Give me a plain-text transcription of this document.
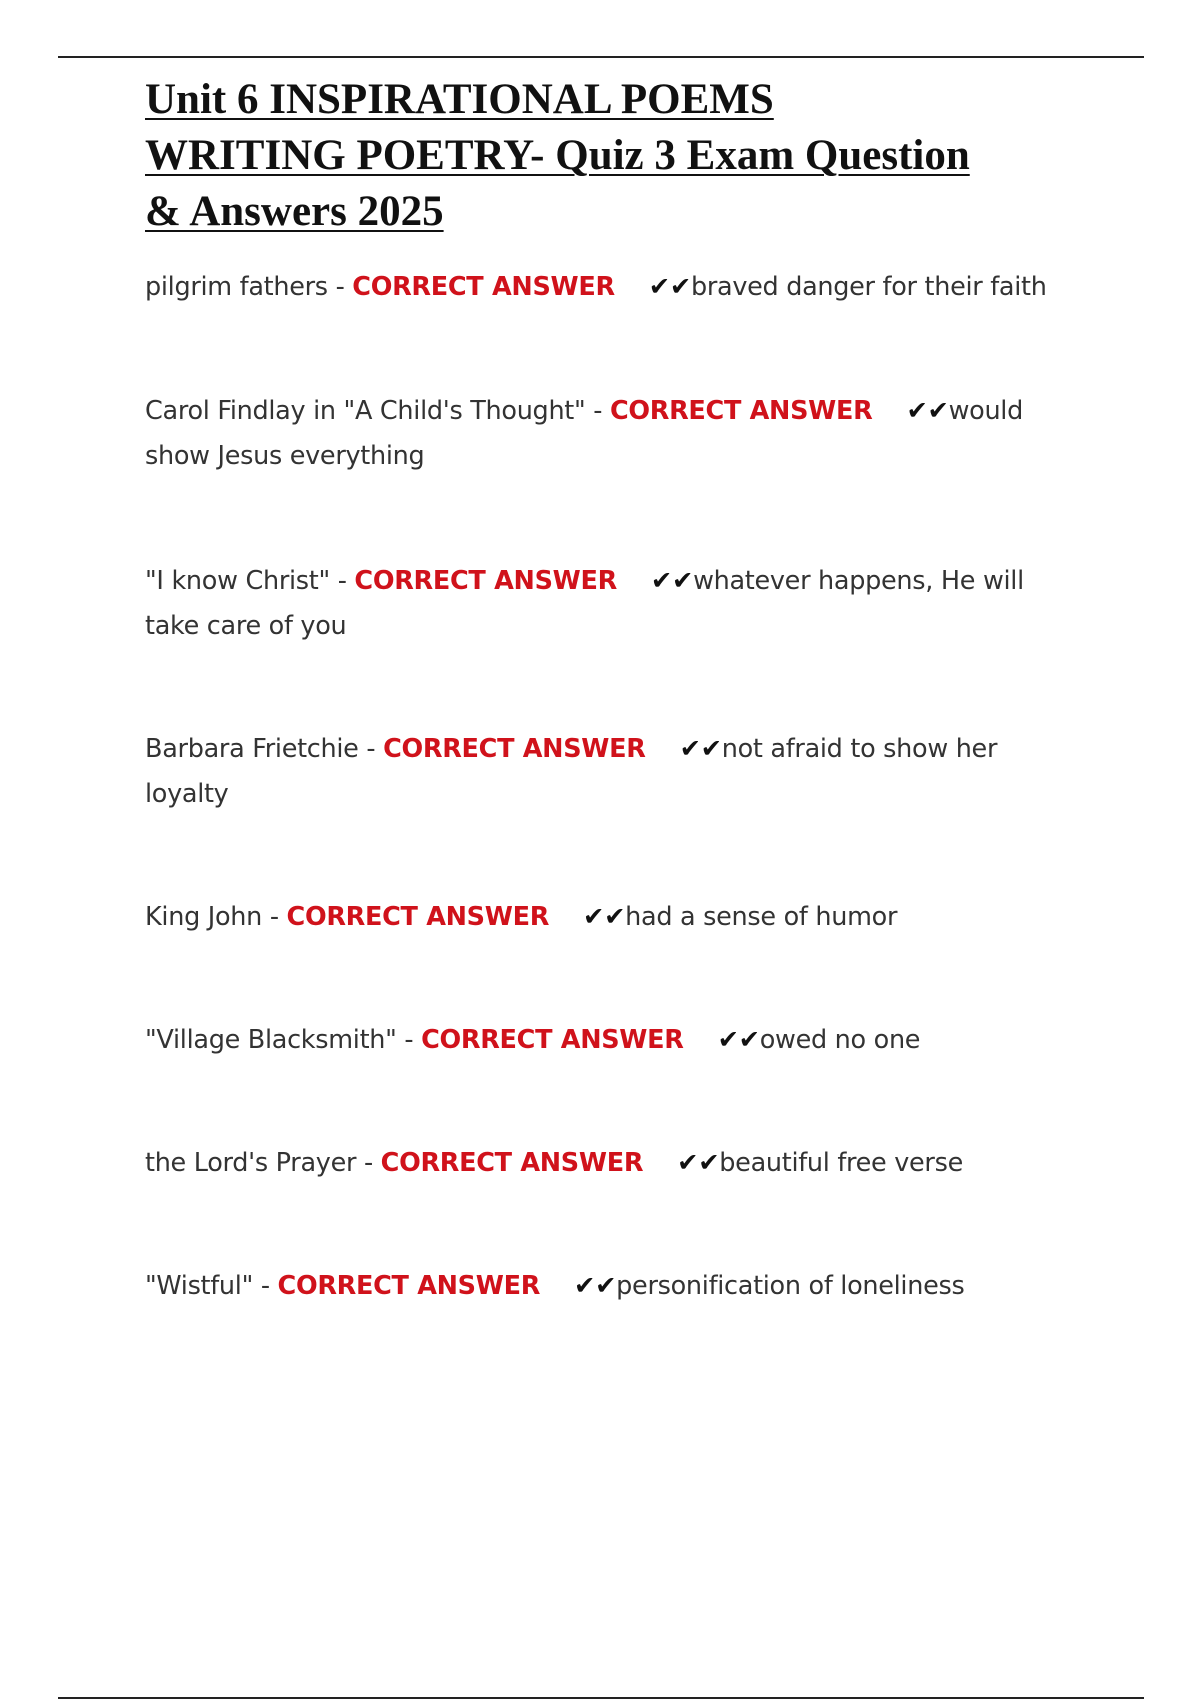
Unit 6 INSPIRATIONAL POEMS
WRITING POETRY- Quiz 3 Exam Question
& Answers 2025

pilgrim fathers - CORRECT ANSWER ✔✔braved danger for their faith

Carol Findlay in "A Child's Thought" - CORRECT ANSWER ✔✔would show Jesus everything

"I know Christ" - CORRECT ANSWER ✔✔whatever happens, He will take care of you

Barbara Frietchie - CORRECT ANSWER ✔✔not afraid to show her loyalty

King John - CORRECT ANSWER ✔✔had a sense of humor

"Village Blacksmith" - CORRECT ANSWER ✔✔owed no one

the Lord's Prayer - CORRECT ANSWER ✔✔beautiful free verse

"Wistful" - CORRECT ANSWER ✔✔personification of loneliness
